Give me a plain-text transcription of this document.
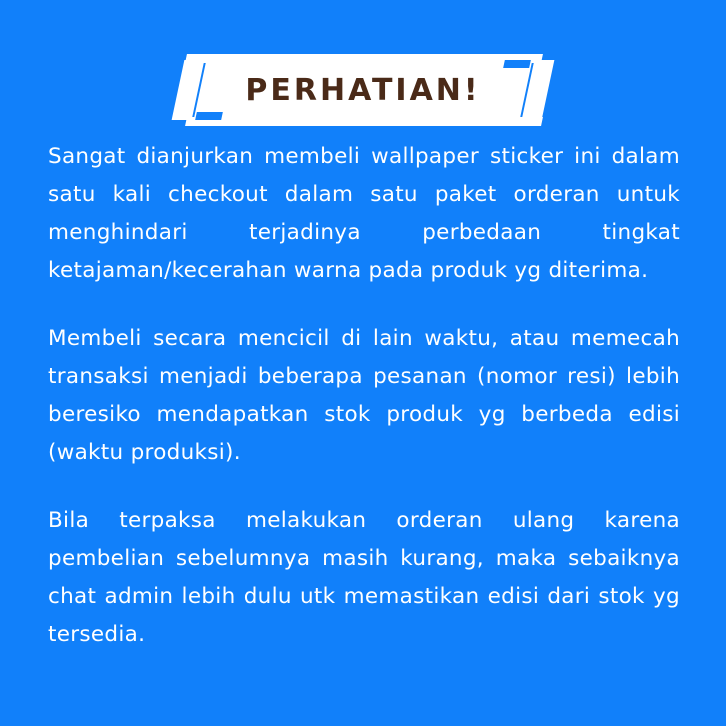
PERHATIAN!

Sangat dianjurkan membeli wallpaper sticker ini dalam satu kali checkout dalam satu paket orderan untuk menghindari terjadinya perbedaan tingkat ketajaman/kecerahan warna pada produk yg diterima.

Membeli secara mencicil di lain waktu, atau memecah transaksi menjadi beberapa pesanan (nomor resi) lebih beresiko mendapatkan stok produk yg berbeda edisi (waktu produksi).

Bila terpaksa melakukan orderan ulang karena pembelian sebelumnya masih kurang, maka sebaiknya chat admin lebih dulu utk memastikan edisi dari stok yg tersedia.
